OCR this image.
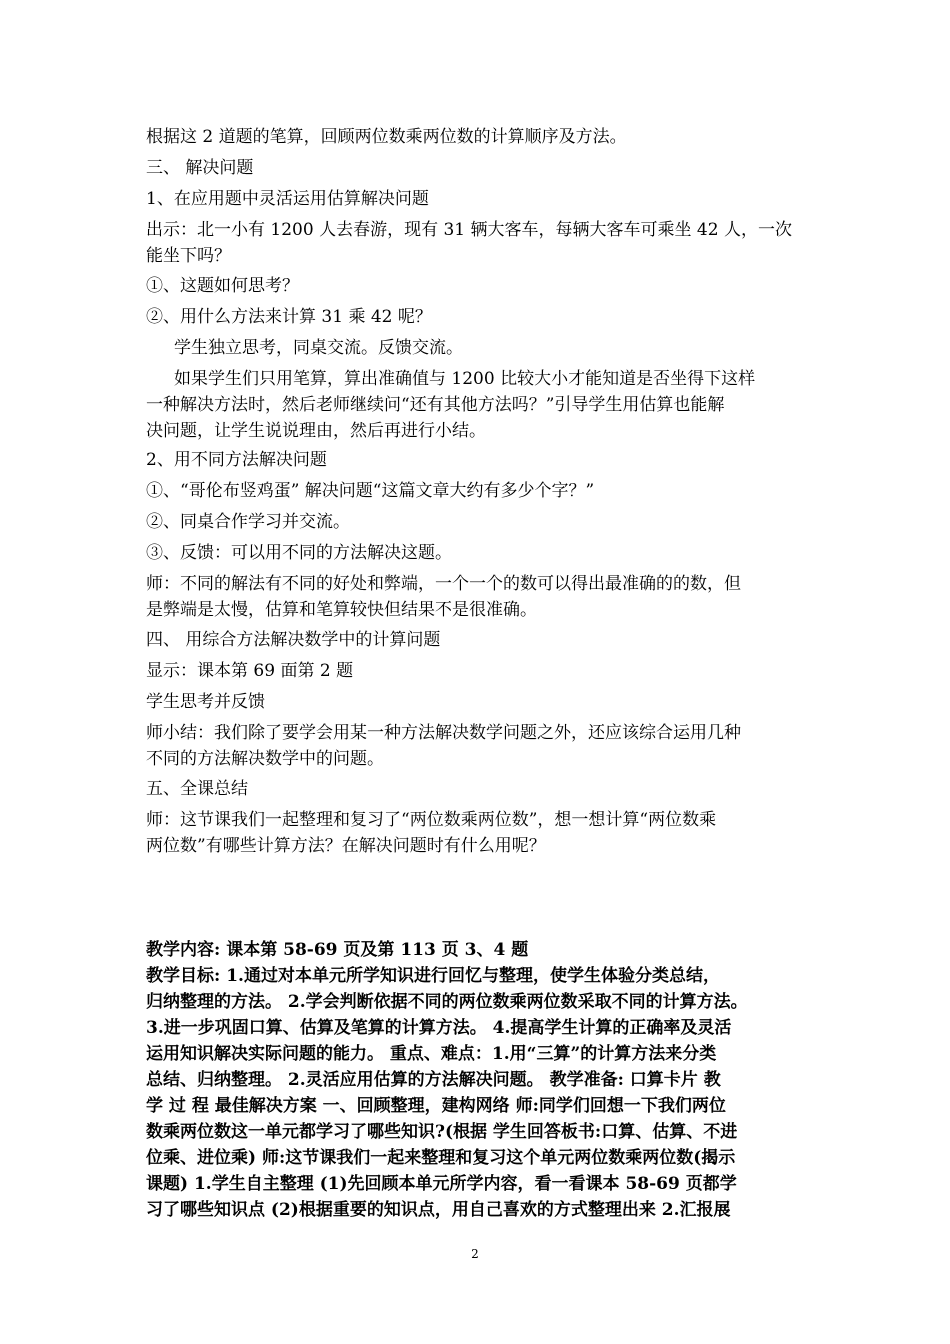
根据这 2 道题的笔算，回顾两位数乘两位数的计算顺序及方法。
三、 解决问题
1、在应用题中灵活运用估算解决问题
出示：北一小有 1200 人去春游，现有 31 辆大客车，每辆大客车可乘坐 42 人，一次
能坐下吗？
①、这题如何思考？
②、用什么方法来计算 31 乘 42 呢？
学生独立思考，同桌交流。反馈交流。
如果学生们只用笔算，算出准确值与 1200 比较大小才能知道是否坐得下这样
一种解决方法时，然后老师继续问“还有其他方法吗？”引导学生用估算也能解
决问题，让学生说说理由，然后再进行小结。
2、用不同方法解决问题
①、“哥伦布竖鸡蛋” 解决问题“这篇文章大约有多少个字？”
②、同桌合作学习并交流。
③、反馈：可以用不同的方法解决这题。
师：不同的解法有不同的好处和弊端，一个一个的数可以得出最准确的的数，但
是弊端是太慢，估算和笔算较快但结果不是很准确。
四、 用综合方法解决数学中的计算问题
显示：课本第 69 面第 2 题
学生思考并反馈
师小结：我们除了要学会用某一种方法解决数学问题之外，还应该综合运用几种
不同的方法解决数学中的问题。
五、全课总结
师：这节课我们一起整理和复习了“两位数乘两位数”，想一想计算“两位数乘
两位数”有哪些计算方法？在解决问题时有什么用呢？
教学内容: 课本第 58-69 页及第 113 页 3、4 题
教学目标: 1.通过对本单元所学知识进行回忆与整理，使学生体验分类总结，
归纳整理的方法。 2.学会判断依据不同的两位数乘两位数采取不同的计算方法。
3.进一步巩固口算、估算及笔算的计算方法。 4.提高学生计算的正确率及灵活
运用知识解决实际问题的能力。 重点、难点：1.用“三算”的计算方法来分类
总结、归纳整理。 2.灵活应用估算的方法解决问题。 教学准备: 口算卡片 教
学 过 程 最佳解决方案 一、回顾整理，建构网络 师:同学们回想一下我们两位
数乘两位数这一单元都学习了哪些知识?(根据 学生回答板书:口算、估算、不进
位乘、进位乘) 师:这节课我们一起来整理和复习这个单元两位数乘两位数(揭示
课题) 1.学生自主整理 (1)先回顾本单元所学内容，看一看课本 58-69 页都学
习了哪些知识点 (2)根据重要的知识点，用自己喜欢的方式整理出来 2.汇报展
2
